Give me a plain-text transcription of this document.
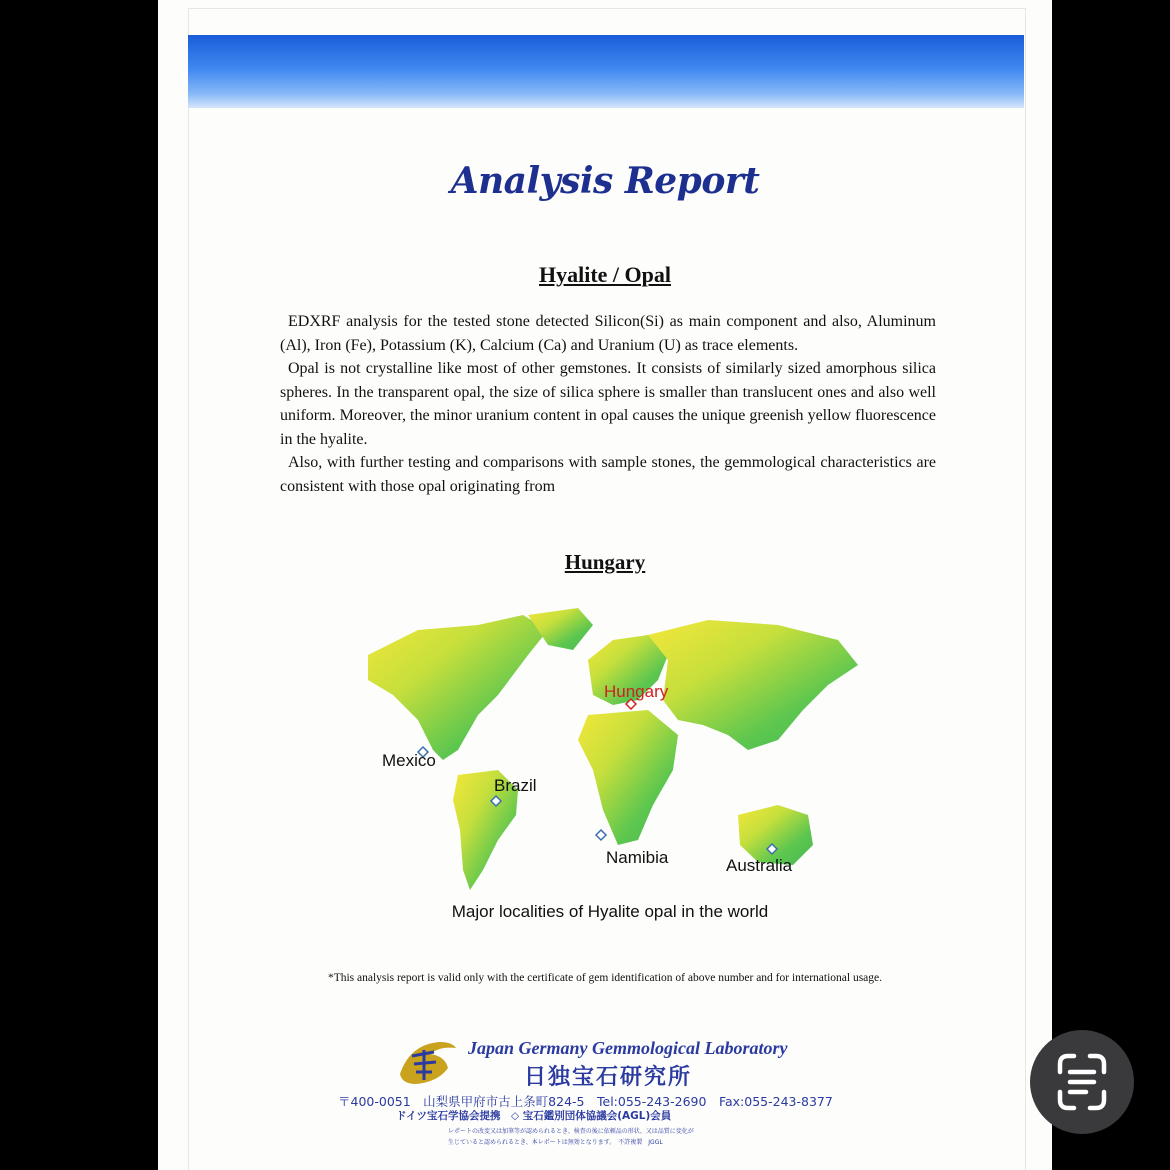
Analysis Report
Hyalite / Opal

EDXRF analysis for the tested stone detected Silicon(Si) as main component and also, Aluminum (Al), Iron (Fe), Potassium (K), Calcium (Ca) and Uranium (U) as trace elements.

Opal is not crystalline like most of other gemstones. It consists of similarly sized amorphous silica spheres. In the transparent opal, the size of silica sphere is smaller than translucent ones and also well uniform. Moreover, the minor uranium content in opal causes the unique greenish yellow fluorescence in the hyalite.

Also, with further testing and comparisons with sample stones, the gemmological characteristics are consistent with those opal originating from

Hungary
Hungary
Mexico
Brazil
Namibia	Australia
Major localities of Hyalite opal in the world
*This analysis report is valid only with the certificate of gem identification of above number and for international usage.
Japan Germany Gemmological Laboratory
日独宝石研究所
〒400-0051　山梨県甲府市古上条町824-5　Tel:055-243-2690　Fax:055-243-8377
ドイツ宝石学協会提携　◇ 宝石鑑別団体協議会(AGL)会員
レポートの改変又は加筆等が認められるとき、検査の後に依頼品の形状、又は品質に変化が
生じていると認められるとき、本レポートは無効となります。　不許複製　JGGL
